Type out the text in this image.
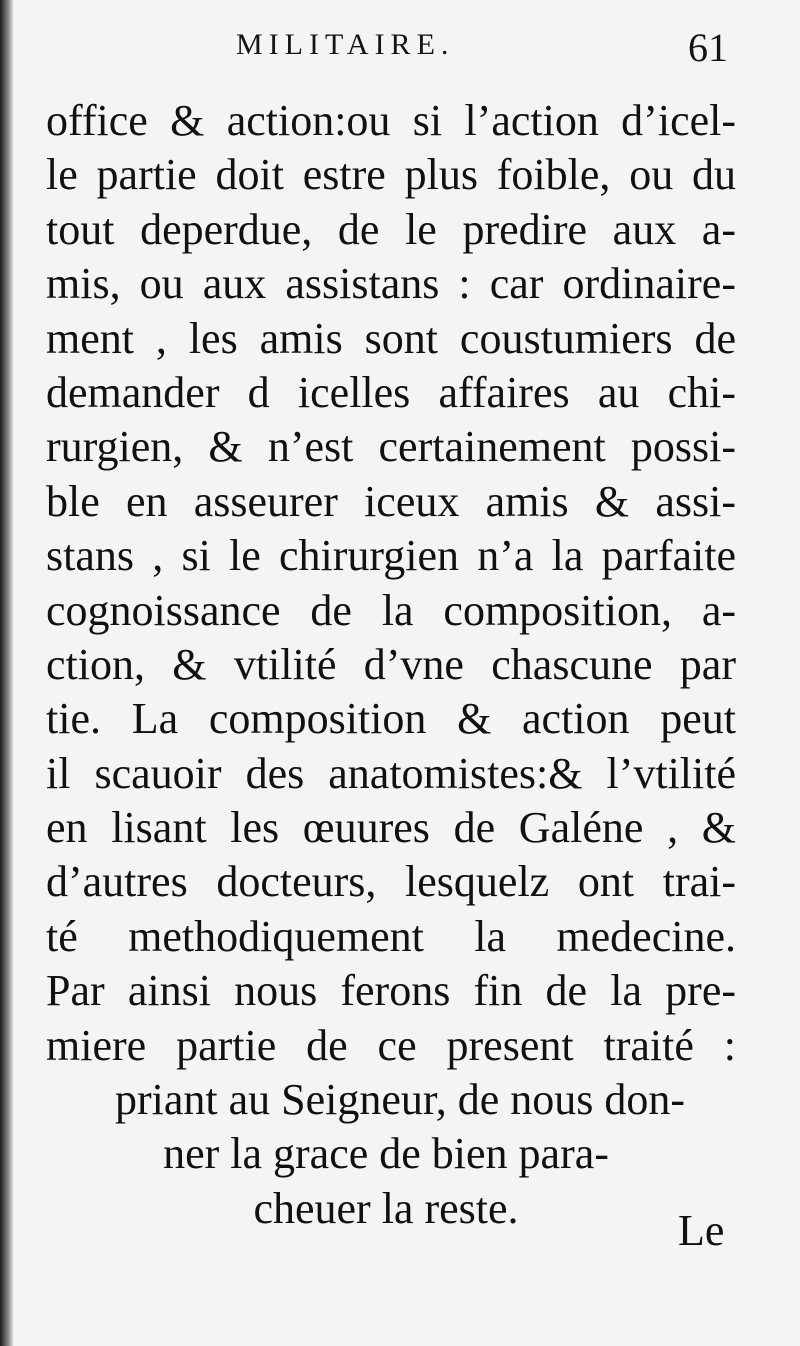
MILITAIRE.	61
office & action:ou si l’action d’icel-
le partie doit estre plus foible, ou du
tout deperdue, de le predire aux a-
mis, ou aux assistans : car ordinaire-
ment , les amis sont coustumiers de
demander d icelles affaires au chi-
rurgien, & n’est certainement possi-
ble en asseurer iceux amis & assi-
stans , si le chirurgien n’a la parfaite
cognoissance de la composition, a-
ction, & vtilité d’vne chascune par
tie. La composition & action peut
il scauoir des anatomistes:& l’vtilité
en lisant les œuures de Galéne , &
d’autres docteurs, lesquelz ont trai-
té methodiquement la medecine.
Par ainsi nous ferons fin de la pre-
miere partie de ce present traité :
priant au Seigneur, de nous don-
ner la grace de bien para-
cheuer la reste.	Le
